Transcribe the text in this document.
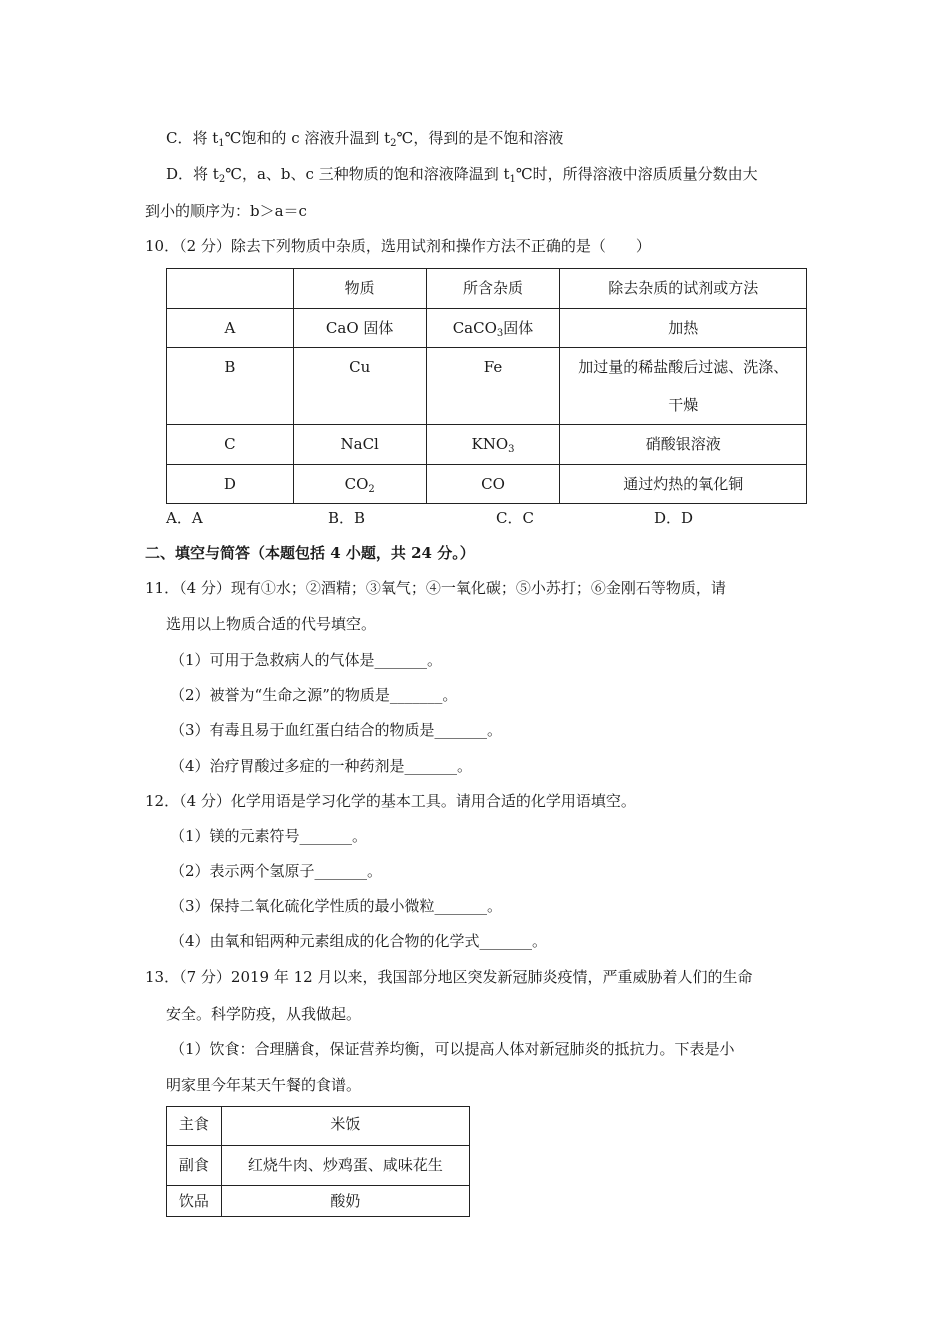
C．将 $t_1℃$饱和的 c 溶液升温到 $t_2℃$，得到的是不饱和溶液
D．将 $t_2℃$，a、b、c 三种物质的饱和溶液降温到 $t_1℃$时，所得溶液中溶质质量分数由大
到小的顺序为：b＞a＝c
10．（2 分）除去下列物质中杂质，选用试剂和操作方法不正确的是（　　）

	物质	所含杂质	除去杂质的试剂或方法

A	CaO 固体	CaCO$_3$固体	加热

B	Cu	Fe	加过量的稀盐酸后过滤、洗涤、
干燥

C	NaCl	$KNO_3$	硝酸银溶液

D	$CO_2$	CO	通过灼热的氧化铜
A．A	B．B	C．C	D．D
二、填空与简答（本题包括 4 小题，共 24 分。）
11．（4 分）现有①水；②酒精；③氧气；④一氧化碳；⑤小苏打；⑥金刚石等物质，请
选用以上物质合适的代号填空。
（1）可用于急救病人的气体是_______。
（2）被誉为“生命之源”的物质是_______。
（3）有毒且易于血红蛋白结合的物质是_______。
（4）治疗胃酸过多症的一种药剂是_______。
12．（4 分）化学用语是学习化学的基本工具。请用合适的化学用语填空。
（1）镁的元素符号_______。
（2）表示两个氢原子_______。
（3）保持二氧化硫化学性质的最小微粒_______。
（4）由氧和铝两种元素组成的化合物的化学式_______。
13．（7 分）2019 年 12 月以来，我国部分地区突发新冠肺炎疫情，严重威胁着人们的生命
安全。科学防疫，从我做起。
（1）饮食：合理膳食，保证营养均衡，可以提高人体对新冠肺炎的抵抗力。下表是小
明家里今年某天午餐的食谱。
主食	米饭

副食	红烧牛肉、炒鸡蛋、咸味花生

饮品	酸奶
